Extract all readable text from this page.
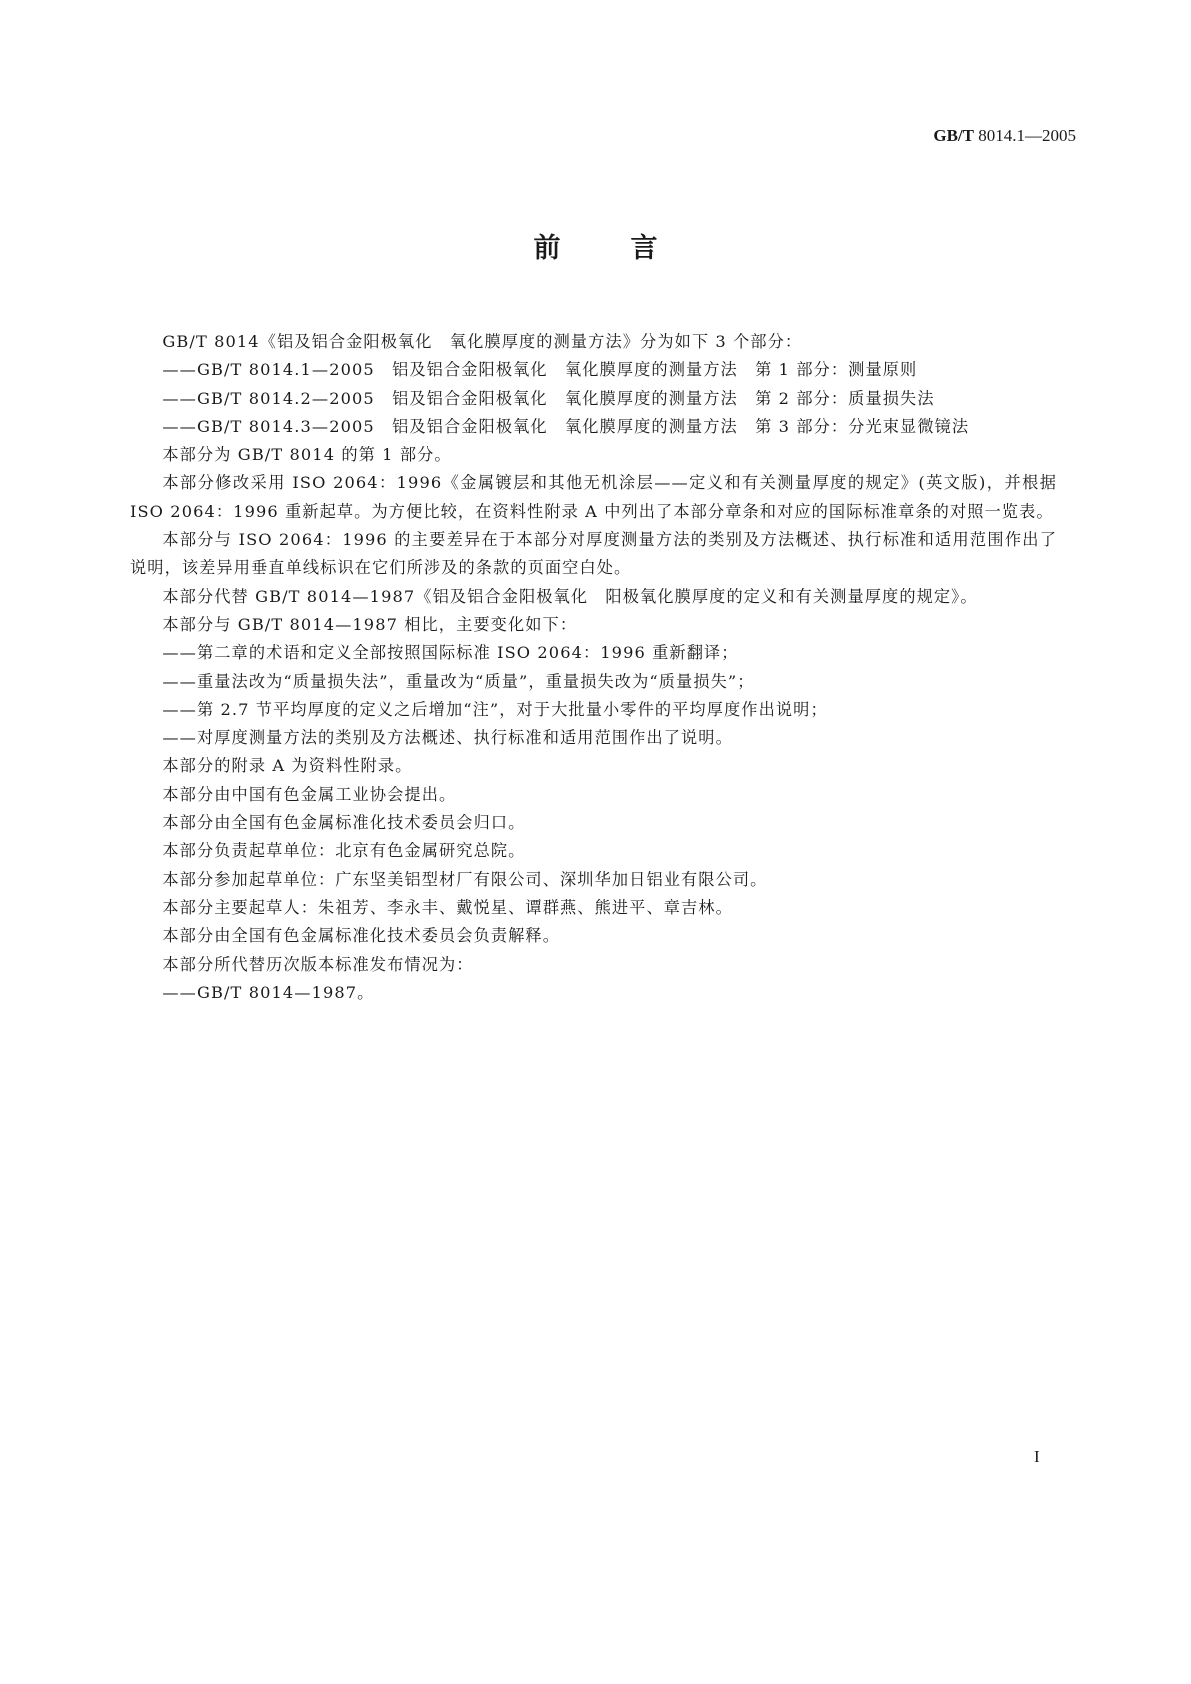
GB/T 8014.1—2005
前	言

GB/T 8014《铝及铝合金阳极氧化　氧化膜厚度的测量方法》分为如下 3 个部分：

——GB/T 8014.1—2005　铝及铝合金阳极氧化　氧化膜厚度的测量方法　第 1 部分：测量原则

——GB/T 8014.2—2005　铝及铝合金阳极氧化　氧化膜厚度的测量方法　第 2 部分：质量损失法

——GB/T 8014.3—2005　铝及铝合金阳极氧化　氧化膜厚度的测量方法　第 3 部分：分光束显微镜法

本部分为 GB/T 8014 的第 1 部分。

本部分修改采用 ISO 2064：1996《金属镀层和其他无机涂层——定义和有关测量厚度的规定》(英文版)，并根据 ISO 2064：1996 重新起草。为方便比较，在资料性附录 A 中列出了本部分章条和对应的国际标准章条的对照一览表。

本部分与 ISO 2064：1996 的主要差异在于本部分对厚度测量方法的类别及方法概述、执行标准和适用范围作出了说明，该差异用垂直单线标识在它们所涉及的条款的页面空白处。

本部分代替 GB/T 8014—1987《铝及铝合金阳极氧化　阳极氧化膜厚度的定义和有关测量厚度的规定》。

本部分与 GB/T 8014—1987 相比，主要变化如下：

——第二章的术语和定义全部按照国际标准 ISO 2064：1996 重新翻译；

——重量法改为“质量损失法”，重量改为“质量”，重量损失改为“质量损失”；

——第 2.7 节平均厚度的定义之后增加“注”，对于大批量小零件的平均厚度作出说明；

——对厚度测量方法的类别及方法概述、执行标准和适用范围作出了说明。

本部分的附录 A 为资料性附录。

本部分由中国有色金属工业协会提出。

本部分由全国有色金属标准化技术委员会归口。

本部分负责起草单位：北京有色金属研究总院。

本部分参加起草单位：广东坚美铝型材厂有限公司、深圳华加日铝业有限公司。

本部分主要起草人：朱祖芳、李永丰、戴悦星、谭群燕、熊进平、章吉林。

本部分由全国有色金属标准化技术委员会负责解释。

本部分所代替历次版本标准发布情况为：

——GB/T 8014—1987。

I
